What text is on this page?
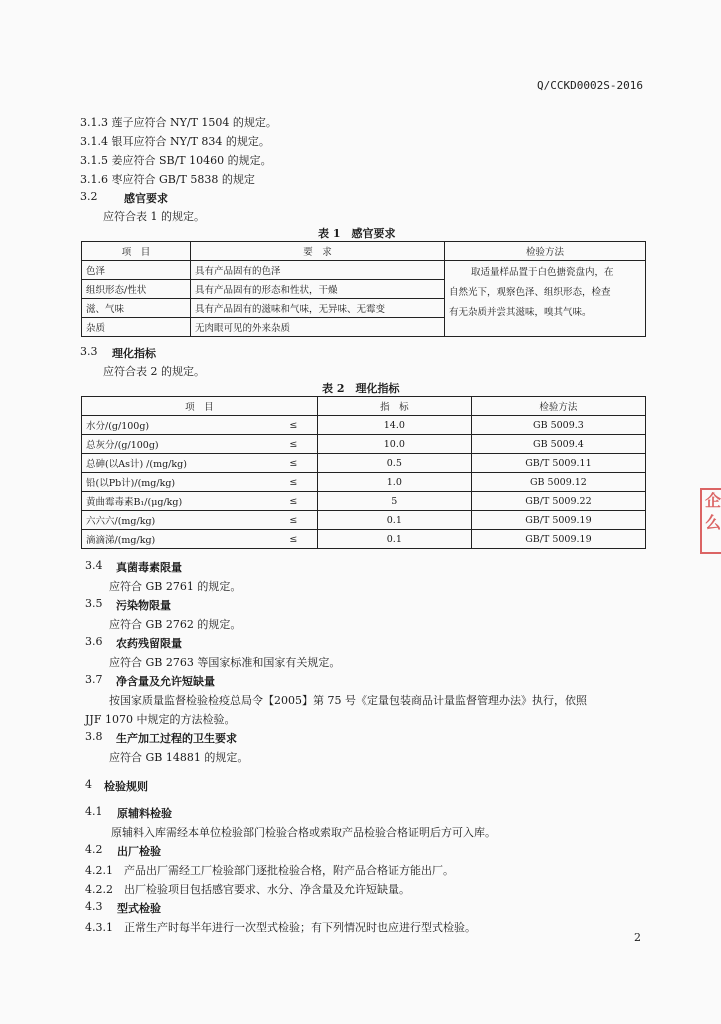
Q/CCKD0002S-2016
3.1.3 莲子应符合 NY/T 1504 的规定。
3.1.4 银耳应符合 NY/T 834 的规定。
3.1.5 姜应符合 SB/T 10460 的规定。
3.1.6 枣应符合 GB/T 5838 的规定
3.2 感官要求
应符合表 1 的规定。
表 1　感官要求
项　目	要　求	检验方法
色泽	具有产品固有的色泽	取适量样品置于白色搪瓷盘内，在
自然光下，观察色泽、组织形态，检查
有无杂质并尝其滋味，嗅其气味。

组织形态/性状	具有产品固有的形态和性状，干燥	
滋、气味	具有产品固有的滋味和气味，无异味、无霉变	
杂质	无肉眼可见的外来杂质	
3.3 理化指标
应符合表 2 的规定。
表 2　理化指标
项　目		指　标	检验方法
水分/(g/100g)	≤	14.0	GB 5009.3
总灰分/(g/100g)	≤	10.0	GB 5009.4
总砷(以As计) /(mg/kg)	≤	0.5	GB/T 5009.11
铅(以Pb计)/(mg/kg)	≤	1.0	GB 5009.12
黄曲霉毒素B₁/(μg/kg)	≤	5	GB/T 5009.22
六六六/(mg/kg)	≤	0.1	GB/T 5009.19
滴滴涕/(mg/kg)	≤	0.1	GB/T 5009.19
3.4 真菌毒素限量
应符合 GB 2761 的规定。
3.5 污染物限量
应符合 GB 2762 的规定。
3.6 农药残留限量
应符合 GB 2763 等国家标准和国家有关规定。
3.7 净含量及允许短缺量
按国家质量监督检验检疫总局令【2005】第 75 号《定量包装商品计量监督管理办法》执行，依照
JJF 1070 中规定的方法检验。
3.8 生产加工过程的卫生要求
应符合 GB 14881 的规定。
4 检验规则
4.1 原辅料检验
原辅料入库需经本单位检验部门检验合格或索取产品检验合格证明后方可入库。
4.2 出厂检验
4.2.1　产品出厂需经工厂检验部门逐批检验合格，附产品合格证方能出厂。
4.2.2　出厂检验项目包括感官要求、水分、净含量及允许短缺量。
4.3 型式检验
4.3.1　正常生产时每半年进行一次型式检验；有下列情况时也应进行型式检验。
2
企
么
